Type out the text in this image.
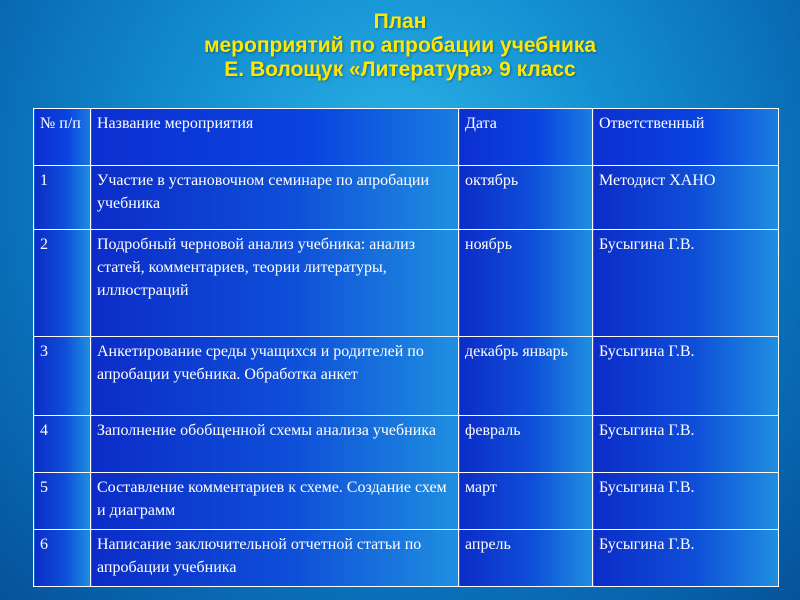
План
мероприятий по апробации учебника
Е. Волощук «Литература» 9 класс
№ п/п	Название мероприятия	Дата	Ответственный
1	Участие в установочном семинаре по апробации учебника	октябрь	Методист ХАНО
2	Подробный черновой анализ учебника: анализ статей, комментариев, теории литературы, иллюстраций	ноябрь	Бусыгина Г.В.
3	Анкетирование среды учащихся и родителей по апробации учебника. Обработка анкет	декабрь январь	Бусыгина Г.В.
4	Заполнение обобщенной схемы анализа учебника	февраль	Бусыгина Г.В.
5	Составление комментариев к схеме. Создание схем и диаграмм	март	Бусыгина Г.В.
6	Написание заключительной отчетной статьи по апробации учебника	апрель	Бусыгина Г.В.
